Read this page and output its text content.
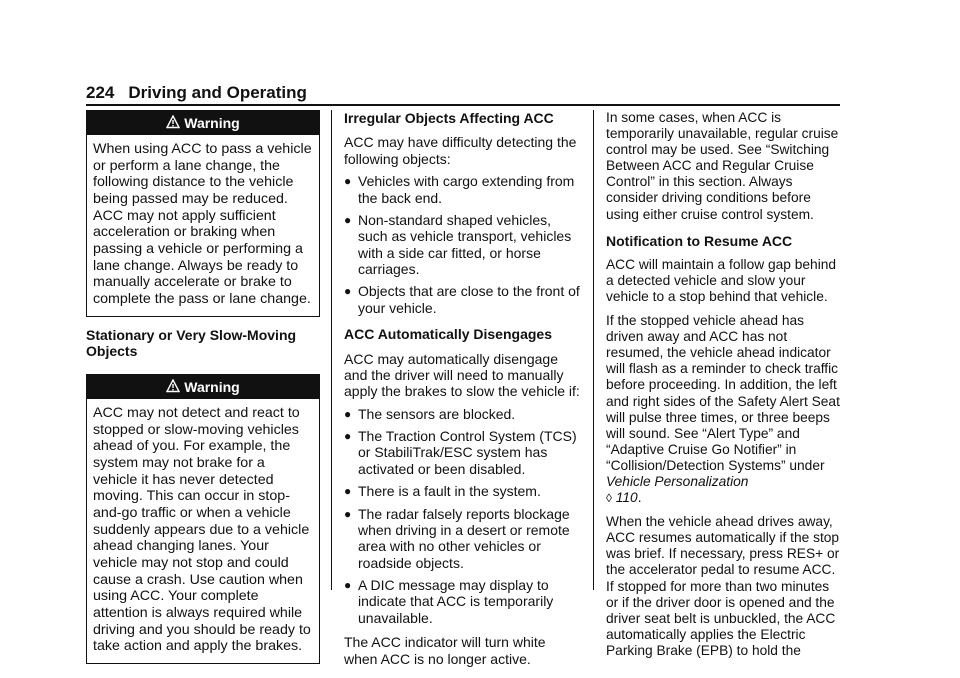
224 Driving and Operating
Warning

When using ACC to pass a vehicle or perform a lane change, the following distance to the vehicle being passed may be reduced. ACC may not apply sufficient acceleration or braking when passing a vehicle or performing a lane change. Always be ready to manually accelerate or brake to complete the pass or lane change.

Stationary or Very Slow-Moving Objects
Warning

ACC may not detect and react to stopped or slow-moving vehicles ahead of you. For example, the system may not brake for a vehicle it has never detected moving. This can occur in stop-and-go traffic or when a vehicle suddenly appears due to a vehicle ahead changing lanes. Your vehicle may not stop and could cause a crash. Use caution when using ACC. Your complete attention is always required while driving and you should be ready to take action and apply the brakes.

Irregular Objects Affecting ACC

ACC may have difficulty detecting the following objects:

● Vehicles with cargo extending from the back end.
● Non-standard shaped vehicles, such as vehicle transport, vehicles with a side car fitted, or horse carriages.
● Objects that are close to the front of your vehicle.
ACC Automatically Disengages

ACC may automatically disengage and the driver will need to manually apply the brakes to slow the vehicle if:

● The sensors are blocked.
● The Traction Control System (TCS) or StabiliTrak/ESC system has activated or been disabled.
● There is a fault in the system.
● The radar falsely reports blockage when driving in a desert or remote area with no other vehicles or roadside objects.
● A DIC message may display to indicate that ACC is temporarily unavailable.

The ACC indicator will turn white when ACC is no longer active.

In some cases, when ACC is temporarily unavailable, regular cruise control may be used. See “Switching Between ACC and Regular Cruise Control” in this section. Always consider driving conditions before using either cruise control system.

Notification to Resume ACC

ACC will maintain a follow gap behind a detected vehicle and slow your vehicle to a stop behind that vehicle.

If the stopped vehicle ahead has driven away and ACC has not resumed, the vehicle ahead indicator will flash as a reminder to check traffic before proceeding. In addition, the left and right sides of the Safety Alert Seat will pulse three times, or three beeps will sound. See “Alert Type” and “Adaptive Cruise Go Notifier” in “Collision/Detection Systems” under Vehicle Personalization
◊ 110.

When the vehicle ahead drives away, ACC resumes automatically if the stop was brief. If necessary, press RES+ or the accelerator pedal to resume ACC. If stopped for more than two minutes or if the driver door is opened and the driver seat belt is unbuckled, the ACC automatically applies the Electric Parking Brake (EPB) to hold the
